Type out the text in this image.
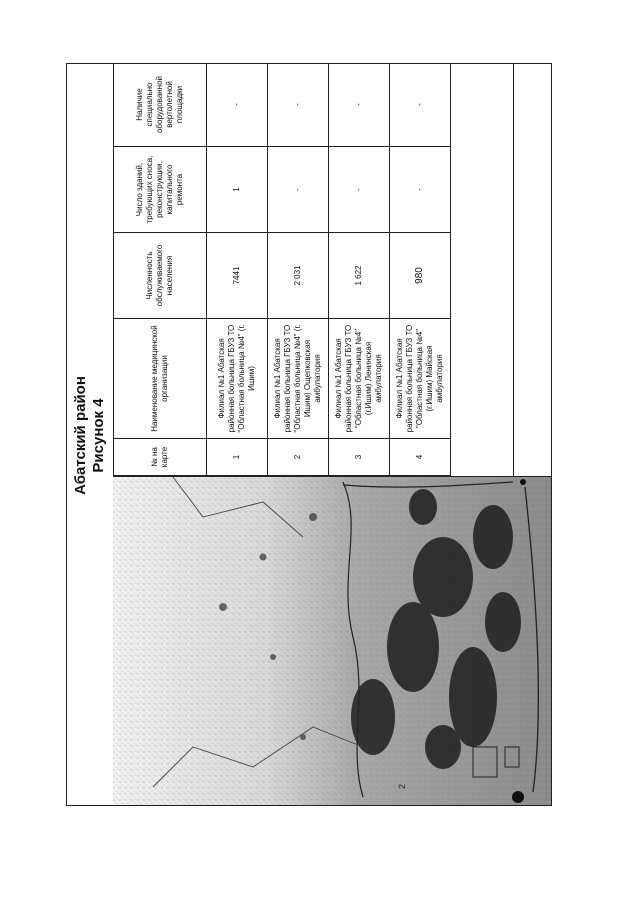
Абатский район Рисунок 4
2
№ на карте	Наименование медицинской организации	Численность обслуживаемого населения	Число зданий, требующих сноса, реконструкции, капитального ремонта	Наличие специально оборудованной вертолетной площадки
1	Филиал №1 Абатская районная больница ГБУЗ ТО "Областная больница №4" (г. Ишим)	7441	1	-
2	Филиал №1 Абатская районная больница ГБУЗ ТО "Областная больница №4" (г. Ишим) Ощепковская амбулатория	2 031	-	-
3	Филиал №1 Абатская районная больница ГБУЗ ТО "Областная больница №4" (г.Ишим) Ленинская амбулатория	1 622	-	-
4	Филиал №1 Абатская районная больница ГБУЗ ТО "Областная больница №4" (г.Ишим) Майская амбулатория	980	-	-
